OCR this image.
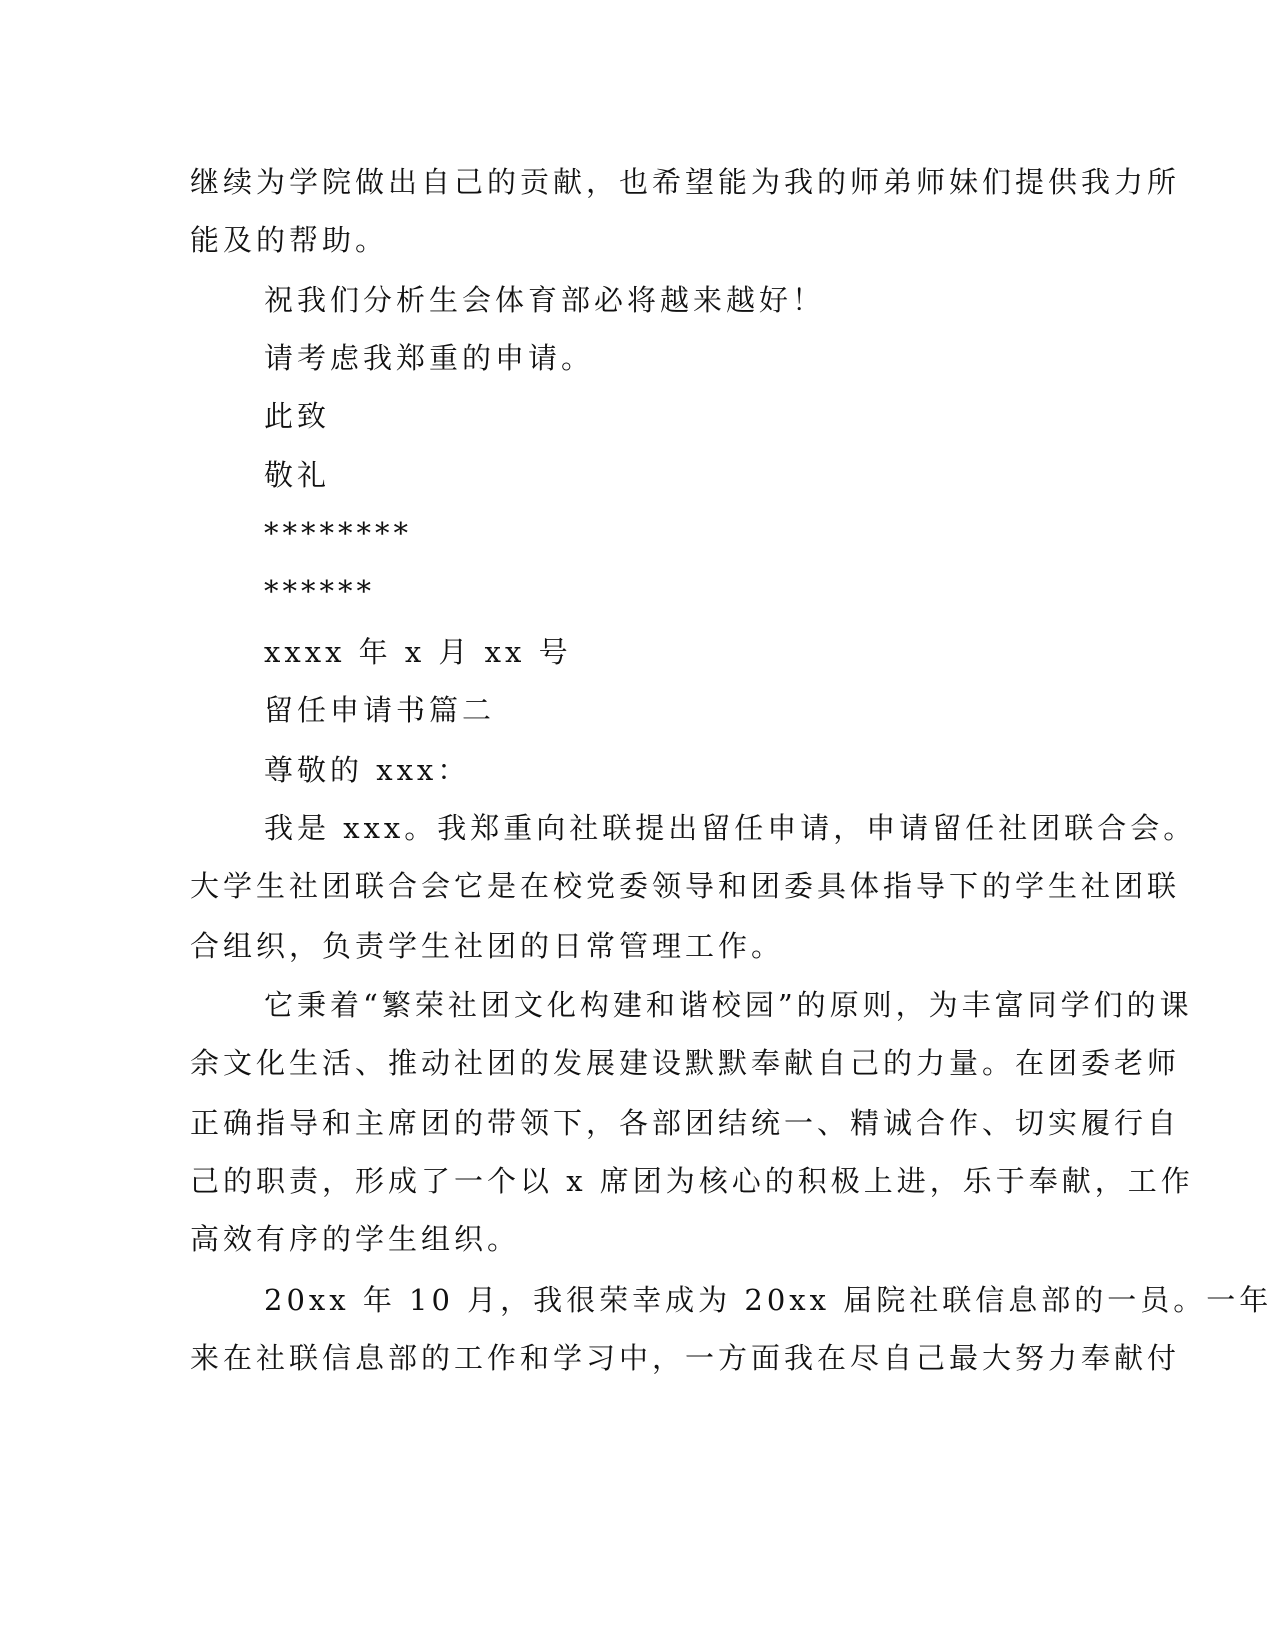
继续为学院做出自己的贡献，也希望能为我的师弟师妹们提供我力所
能及的帮助。
祝我们分析生会体育部必将越来越好！
请考虑我郑重的申请。
此致
敬礼
********
******
xxxx 年 x 月 xx 号
留任申请书篇二
尊敬的 xxx：
我是 xxx。我郑重向社联提出留任申请，申请留任社团联合会。
大学生社团联合会它是在校党委领导和团委具体指导下的学生社团联
合组织，负责学生社团的日常管理工作。
它秉着“繁荣社团文化构建和谐校园”的原则，为丰富同学们的课
余文化生活、推动社团的发展建设默默奉献自己的力量。在团委老师
正确指导和主席团的带领下，各部团结统一、精诚合作、切实履行自
己的职责，形成了一个以 x 席团为核心的积极上进，乐于奉献，工作
高效有序的学生组织。
20xx 年 10 月，我很荣幸成为 20xx 届院社联信息部的一员。一年
来在社联信息部的工作和学习中，一方面我在尽自己最大努力奉献付
